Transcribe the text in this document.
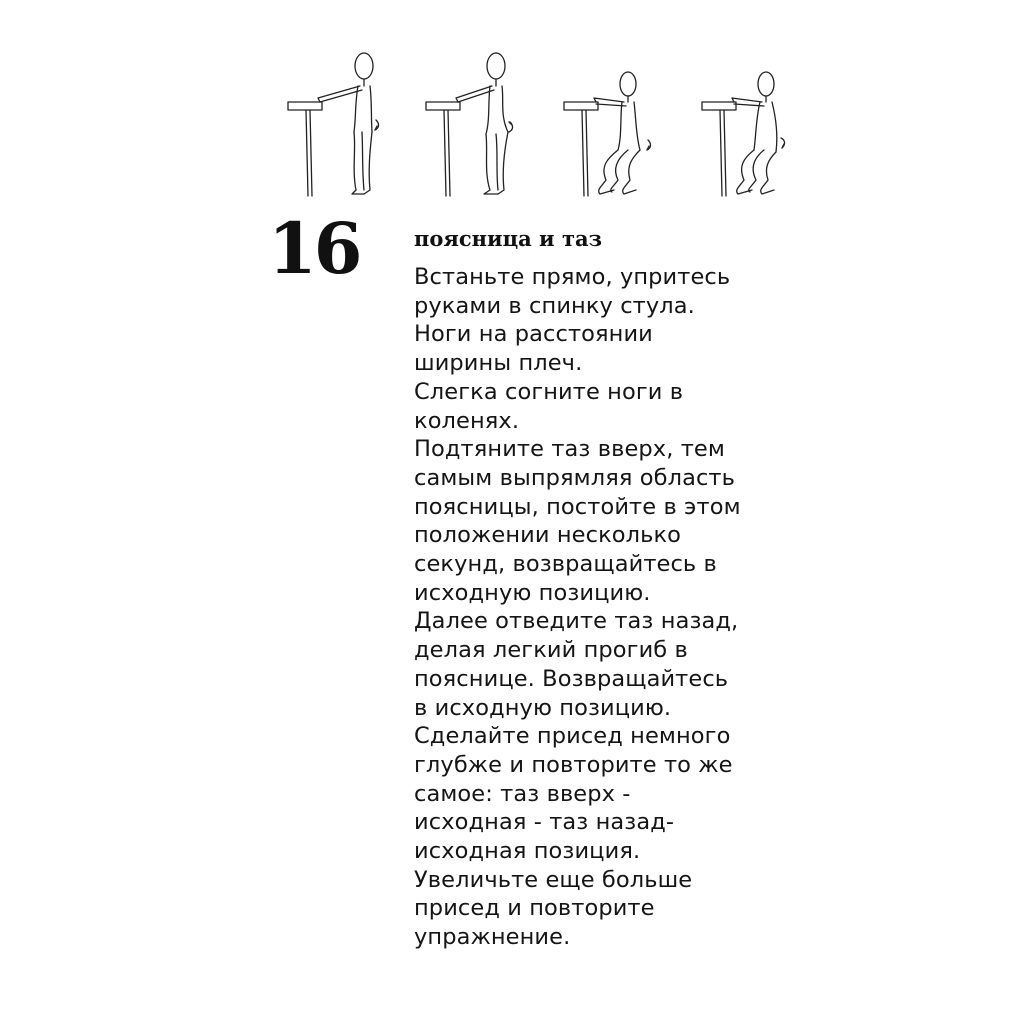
16	поясница и таз
Встаньте прямо, упритесь
руками в спинку стула.
Ноги на расстоянии
ширины плеч.
Слегка согните ноги в
коленях.
Подтяните таз вверх, тем
самым выпрямляя область
поясницы, постойте в этом
положении несколько
секунд, возвращайтесь в
исходную позицию.
Далее отведите таз назад,
делая легкий прогиб в
пояснице. Возвращайтесь
в исходную позицию.
Сделайте присед немного
глубже и повторите то же
самое: таз вверх -
исходная - таз назад-
исходная позиция.
Увеличьте еще больше
присед и повторите
упражнение.
